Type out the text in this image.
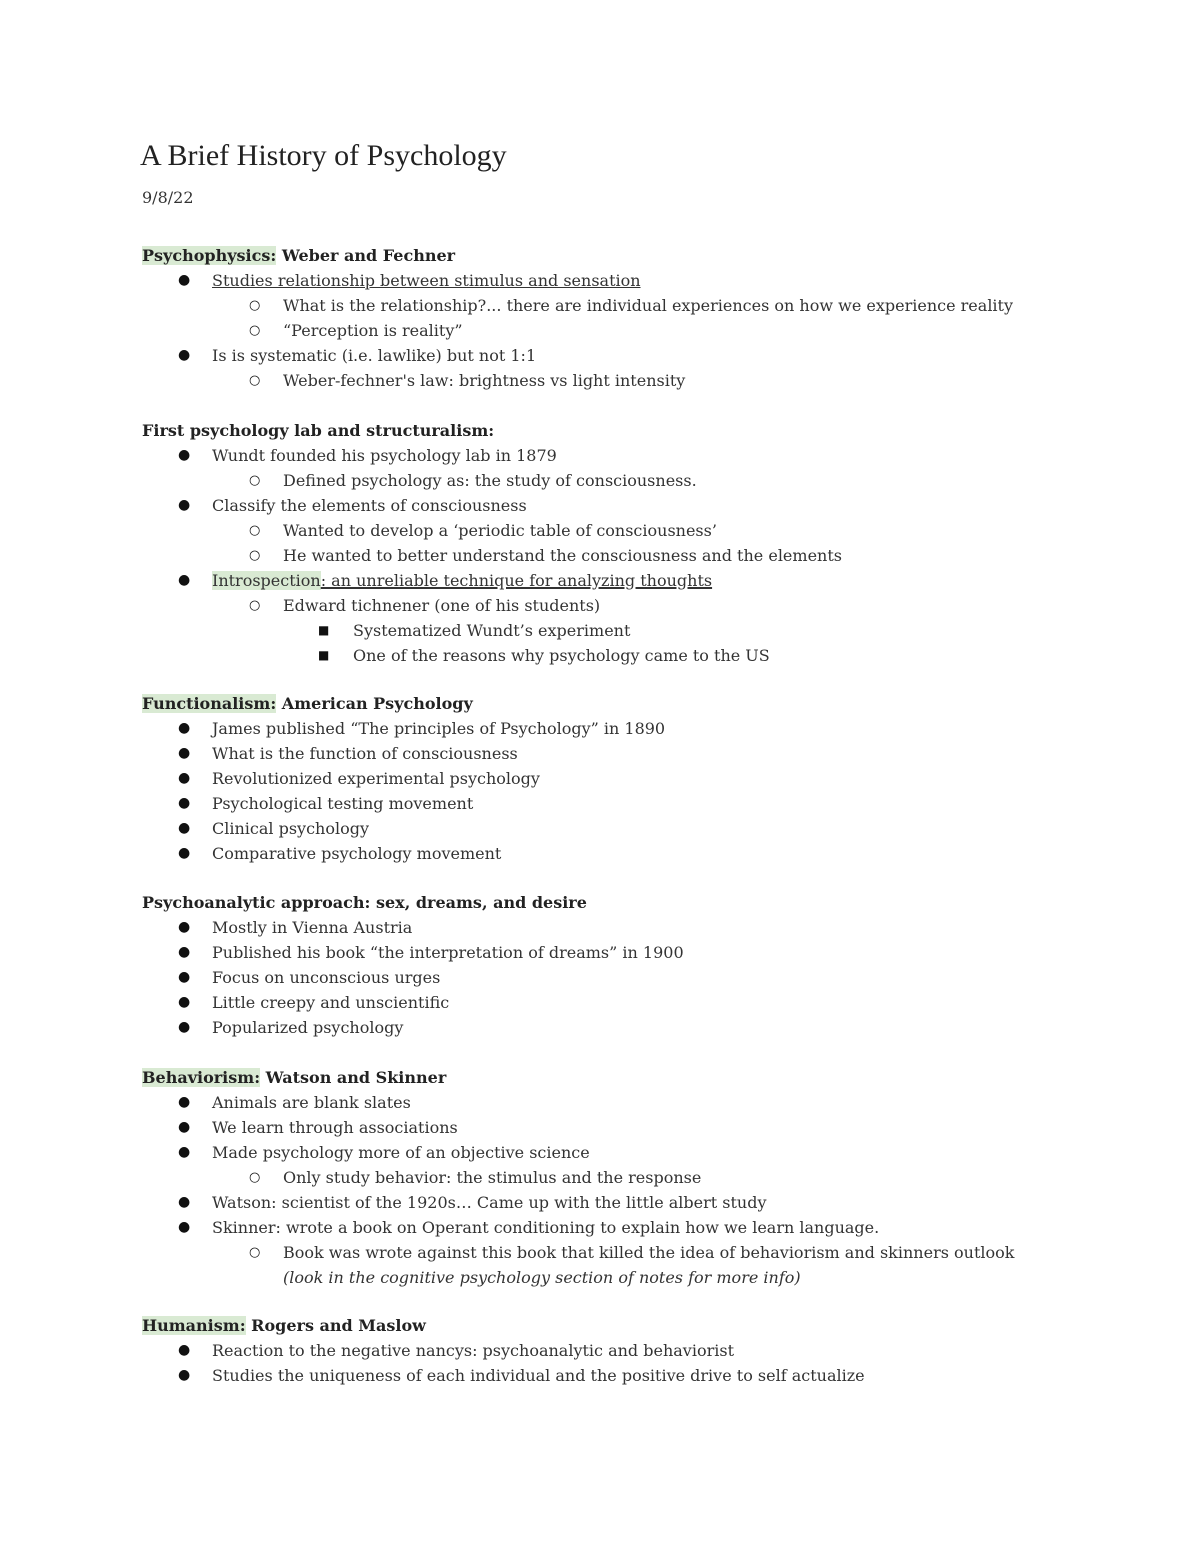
A Brief History of Psychology
9/8/22
Psychophysics: Weber and Fechner
● Studies relationship between stimulus and sensation
○ What is the relationship?... there are individual experiences on how we experience reality
○ “Perception is reality”
● Is is systematic (i.e. lawlike) but not 1:1
○ Weber-fechner's law: brightness vs light intensity
First psychology lab and structuralism:
● Wundt founded his psychology lab in 1879
○ Defined psychology as: the study of consciousness.
● Classify the elements of consciousness
○ Wanted to develop a ‘periodic table of consciousness’
○ He wanted to better understand the consciousness and the elements
● Introspection: an unreliable technique for analyzing thoughts
○ Edward tichnener (one of his students)
■ Systematized Wundt’s experiment
■ One of the reasons why psychology came to the US
Functionalism: American Psychology
● James published “The principles of Psychology” in 1890
● What is the function of consciousness
● Revolutionized experimental psychology
● Psychological testing movement
● Clinical psychology
● Comparative psychology movement
Psychoanalytic approach: sex, dreams, and desire
● Mostly in Vienna Austria
● Published his book “the interpretation of dreams” in 1900
● Focus on unconscious urges
● Little creepy and unscientific
● Popularized psychology
Behaviorism: Watson and Skinner
● Animals are blank slates
● We learn through associations
● Made psychology more of an objective science
○ Only study behavior: the stimulus and the response
● Watson: scientist of the 1920s… Came up with the little albert study
● Skinner: wrote a book on Operant conditioning to explain how we learn language.
○ Book was wrote against this book that killed the idea of behaviorism and skinners outlook (look in the cognitive psychology section of notes for more info)
Humanism: Rogers and Maslow
● Reaction to the negative nancys: psychoanalytic and behaviorist
● Studies the uniqueness of each individual and the positive drive to self actualize
